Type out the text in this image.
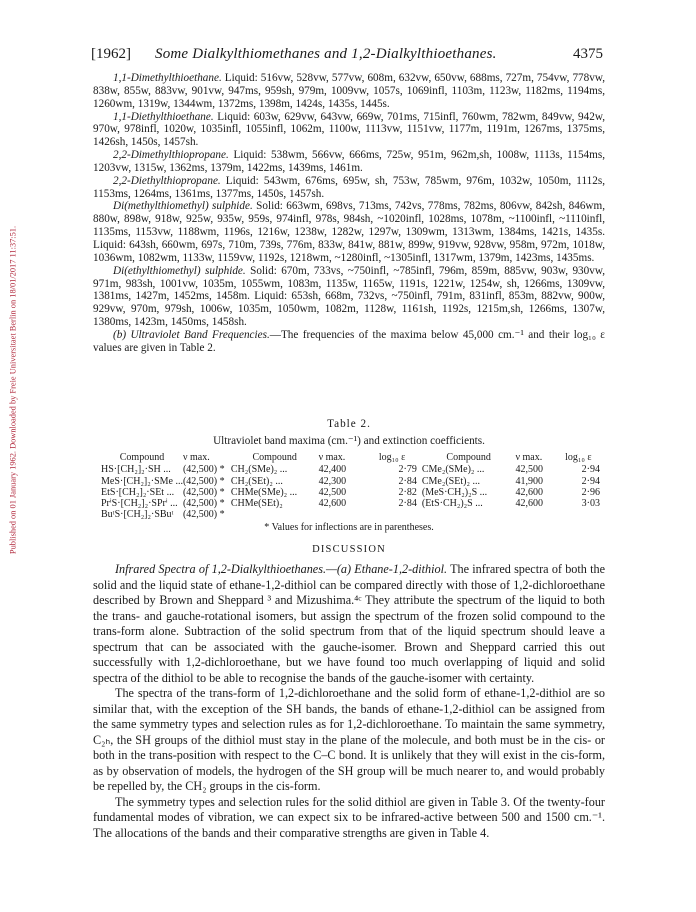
Published on 01 January 1962. Downloaded by Freie Universitaet Berlin on 18/01/2017 11:37:51.
[1962] Some Dialkylthiomethanes and 1,2-Dialkylthioethanes.	4375

1,1-Dimethylthioethane. Liquid: 516vw, 528vw, 577vw, 608m, 632vw, 650vw, 688ms, 727m, 754vw, 778vw, 838w, 855w, 883vw, 901vw, 947ms, 959sh, 979m, 1009vw, 1057s, 1069infl, 1103m, 1123w, 1182ms, 1194ms, 1260wm, 1319w, 1344wm, 1372ms, 1398m, 1424s, 1435s, 1445s.

1,1-Diethylthioethane. Liquid: 603w, 629vw, 643vw, 669w, 701ms, 715infl, 760wm, 782wm, 849vw, 942w, 970w, 978infl, 1020w, 1035infl, 1055infl, 1062m, 1100w, 1113vw, 1151vw, 1177m, 1191m, 1267ms, 1375ms, 1426sh, 1450s, 1457sh.

2,2-Dimethylthiopropane. Liquid: 538wm, 566vw, 666ms, 725w, 951m, 962m,sh, 1008w, 1113s, 1154ms, 1203vw, 1315w, 1362ms, 1379m, 1422ms, 1439ms, 1461m.

2,2-Diethylthiopropane. Liquid: 543wm, 676ms, 695w, sh, 753w, 785wm, 976m, 1032w, 1050m, 1112s, 1153ms, 1264ms, 1361ms, 1377ms, 1450s, 1457sh.

Di(methylthiomethyl) sulphide. Solid: 663wm, 698vs, 713ms, 742vs, 778ms, 782ms, 806vw, 842sh, 846wm, 880w, 898w, 918w, 925w, 935w, 959s, 974infl, 978s, 984sh, ~1020infl, 1028ms, 1078m, ~1100infl, ~1110infl, 1135ms, 1153vw, 1188wm, 1196s, 1216w, 1238w, 1282w, 1297w, 1309wm, 1313wm, 1384ms, 1421s, 1435s. Liquid: 643sh, 660wm, 697s, 710m, 739s, 776m, 833w, 841w, 881w, 899w, 919vw, 928vw, 958m, 972m, 1018w, 1036wm, 1082wm, 1133w, 1159vw, 1192s, 1218wm, ~1280infl, ~1305infl, 1317wm, 1379m, 1423ms, 1435ms.

Di(ethylthiomethyl) sulphide. Solid: 670m, 733vs, ~750infl, ~785infl, 796m, 859m, 885vw, 903w, 930vw, 971m, 983sh, 1001vw, 1035m, 1055wm, 1083m, 1135w, 1165w, 1191s, 1221w, 1254w, sh, 1266ms, 1309vw, 1381ms, 1427m, 1452ms, 1458m. Liquid: 653sh, 668m, 732vs, ~750infl, 791m, 831infl, 853m, 882vw, 900w, 929vw, 970m, 979sh, 1006w, 1035m, 1050wm, 1082m, 1128w, 1161sh, 1192s, 1215m,sh, 1266ms, 1307w, 1380ms, 1423m, 1450ms, 1458sh.

(b) Ultraviolet Band Frequencies.—The frequencies of the maxima below 45,000 cm.⁻¹ and their log₁₀ ε values are given in Table 2.

Table 2.
Ultraviolet band maxima (cm.⁻¹) and extinction coefficients.
Compound	ν max.	Compound	ν max.	log₁₀ ε	Compound	ν max.	log₁₀ ε
HS·[CH₂]₂·SH ...	(42,500) *	CH₂(SMe)₂ ...	42,400	2·79	CMe₂(SMe)₂ ...	42,500	2·94
MeS·[CH₂]₂·SMe ...	(42,500) *	CH₂(SEt)₂ ...	42,300	2·84	CMe₂(SEt)₂ ...	41,900	2·94
EtS·[CH₂]₂·SEt ...	(42,500) *	CHMe(SMe)₂ ...	42,500	2·82	(MeS·CH₂)₂S ...	42,600	2·96
PrⁱS·[CH₂]₂·SPrⁱ ...	(42,500) *	CHMe(SEt)₂	42,600	2·84	(EtS·CH₂)₂S ...	42,600	3·03
BuᵗS·[CH₂]₂·SBuᵗ	(42,500) *						
* Values for inflections are in parentheses.
DISCUSSION

Infrared Spectra of 1,2-Dialkylthioethanes.—(a) Ethane-1,2-dithiol. The infrared spectra of both the solid and the liquid state of ethane-1,2-dithiol can be compared directly with those of 1,2-dichloroethane described by Brown and Sheppard ³ and Mizushima.⁴ᶜ They attribute the spectrum of the liquid to both the trans- and gauche-rotational isomers, but assign the spectrum of the frozen solid compound to the trans-form alone. Subtraction of the solid spectrum from that of the liquid spectrum should leave a spectrum that can be associated with the gauche-isomer. Brown and Sheppard carried this out successfully with 1,2-dichloroethane, but we have found too much overlapping of liquid and solid spectra of the dithiol to be able to recognise the bands of the gauche-isomer with certainty.

The spectra of the trans-form of 1,2-dichloroethane and the solid form of ethane-1,2-dithiol are so similar that, with the exception of the SH bands, the bands of ethane-1,2-dithiol can be assigned from the same symmetry types and selection rules as for 1,2-dichloroethane. To maintain the same symmetry, C₂ₕ, the SH groups of the dithiol must stay in the plane of the molecule, and both must be in the cis- or both in the trans-position with respect to the C–C bond. It is unlikely that they will exist in the cis-form, as by observation of models, the hydrogen of the SH group will be much nearer to, and would probably be repelled by, the CH₂ groups in the cis-form.

The symmetry types and selection rules for the solid dithiol are given in Table 3. Of the twenty-four fundamental modes of vibration, we can expect six to be infrared-active between 500 and 1500 cm.⁻¹. The allocations of the bands and their comparative strengths are given in Table 4.
